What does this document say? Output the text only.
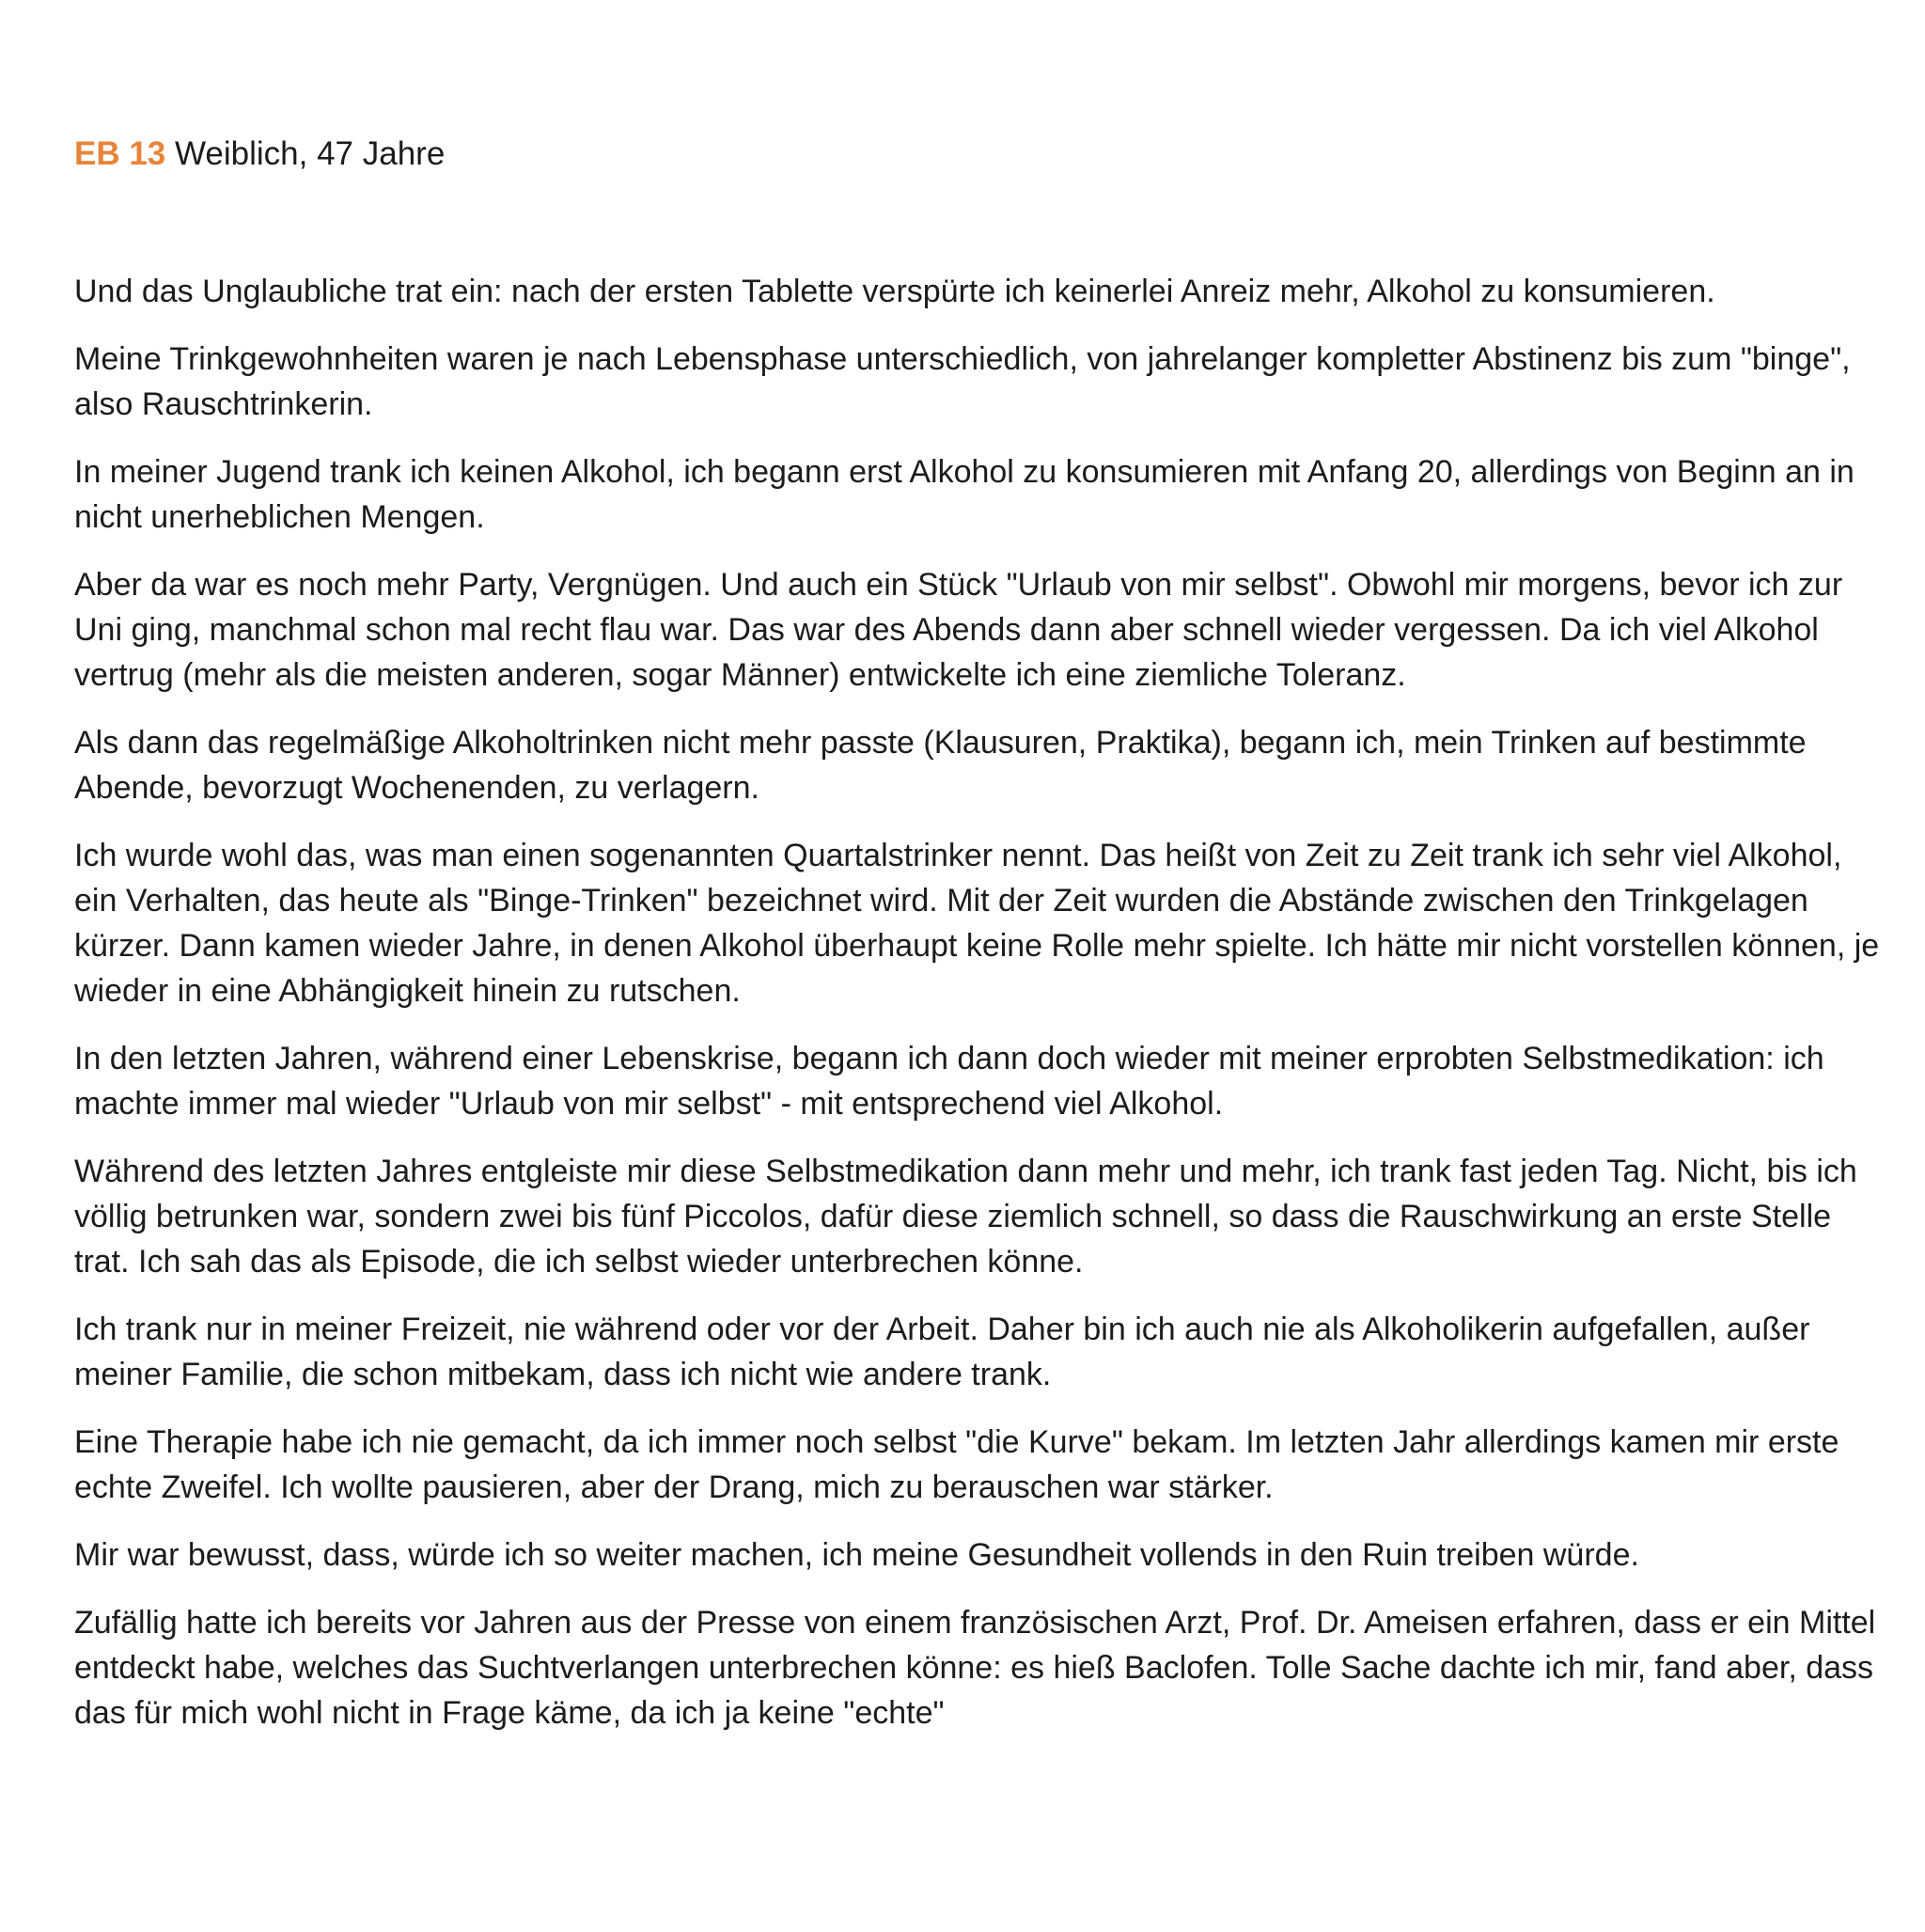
EB 13 Weiblich, 47 Jahre

Und das Unglaubliche trat ein: nach der ersten Tablette verspürte ich keinerlei Anreiz mehr, Alkohol zu konsumieren.

Meine Trinkgewohnheiten waren je nach Lebensphase unterschiedlich, von jahrelanger kompletter Abstinenz bis zum "binge", also Rauschtrinkerin.

In meiner Jugend trank ich keinen Alkohol, ich begann erst Alkohol zu konsumieren mit Anfang 20, allerdings von Beginn an in nicht unerheblichen Mengen.

Aber da war es noch mehr Party, Vergnügen. Und auch ein Stück "Urlaub von mir selbst". Obwohl mir morgens, bevor ich zur Uni ging, manchmal schon mal recht flau war. Das war des Abends dann aber schnell wieder vergessen. Da ich viel Alkohol vertrug (mehr als die meisten anderen, sogar Männer) entwickelte ich eine ziemliche Toleranz.

Als dann das regelmäßige Alkoholtrinken nicht mehr passte (Klausuren, Praktika), begann ich, mein Trinken auf bestimmte Abende, bevorzugt Wochenenden, zu verlagern.

Ich wurde wohl das, was man einen sogenannten Quartalstrinker nennt. Das heißt von Zeit zu Zeit trank ich sehr viel Alkohol, ein Verhalten, das heute als "Binge-Trinken" bezeichnet wird. Mit der Zeit wurden die Abstände zwischen den Trinkgelagen kürzer. Dann kamen wieder Jahre, in denen Alkohol überhaupt keine Rolle mehr spielte. Ich hätte mir nicht vorstellen können, je wieder in eine Abhängigkeit hinein zu rutschen.

In den letzten Jahren, während einer Lebenskrise, begann ich dann doch wieder mit meiner erprobten Selbstmedikation: ich machte immer mal wieder "Urlaub von mir selbst" - mit entsprechend viel Alkohol.

Während des letzten Jahres entgleiste mir diese Selbstmedikation dann mehr und mehr, ich trank fast jeden Tag. Nicht, bis ich völlig betrunken war, sondern zwei bis fünf Piccolos, dafür diese ziemlich schnell, so dass die Rauschwirkung an erste Stelle trat. Ich sah das als Episode, die ich selbst wieder unterbrechen könne.

Ich trank nur in meiner Freizeit, nie während oder vor der Arbeit. Daher bin ich auch nie als Alkoholikerin aufgefallen, außer meiner Familie, die schon mitbekam, dass ich nicht wie andere trank.

Eine Therapie habe ich nie gemacht, da ich immer noch selbst "die Kurve" bekam. Im letzten Jahr allerdings kamen mir erste echte Zweifel. Ich wollte pausieren, aber der Drang, mich zu berauschen war stärker.

Mir war bewusst, dass, würde ich so weiter machen, ich meine Gesundheit vollends in den Ruin treiben würde.

Zufällig hatte ich bereits vor Jahren aus der Presse von einem französischen Arzt, Prof. Dr. Ameisen erfahren, dass er ein Mittel entdeckt habe, welches das Suchtverlangen unterbrechen könne: es hieß Baclofen. Tolle Sache dachte ich mir, fand aber, dass das für mich wohl nicht in Frage käme, da ich ja keine "echte"
